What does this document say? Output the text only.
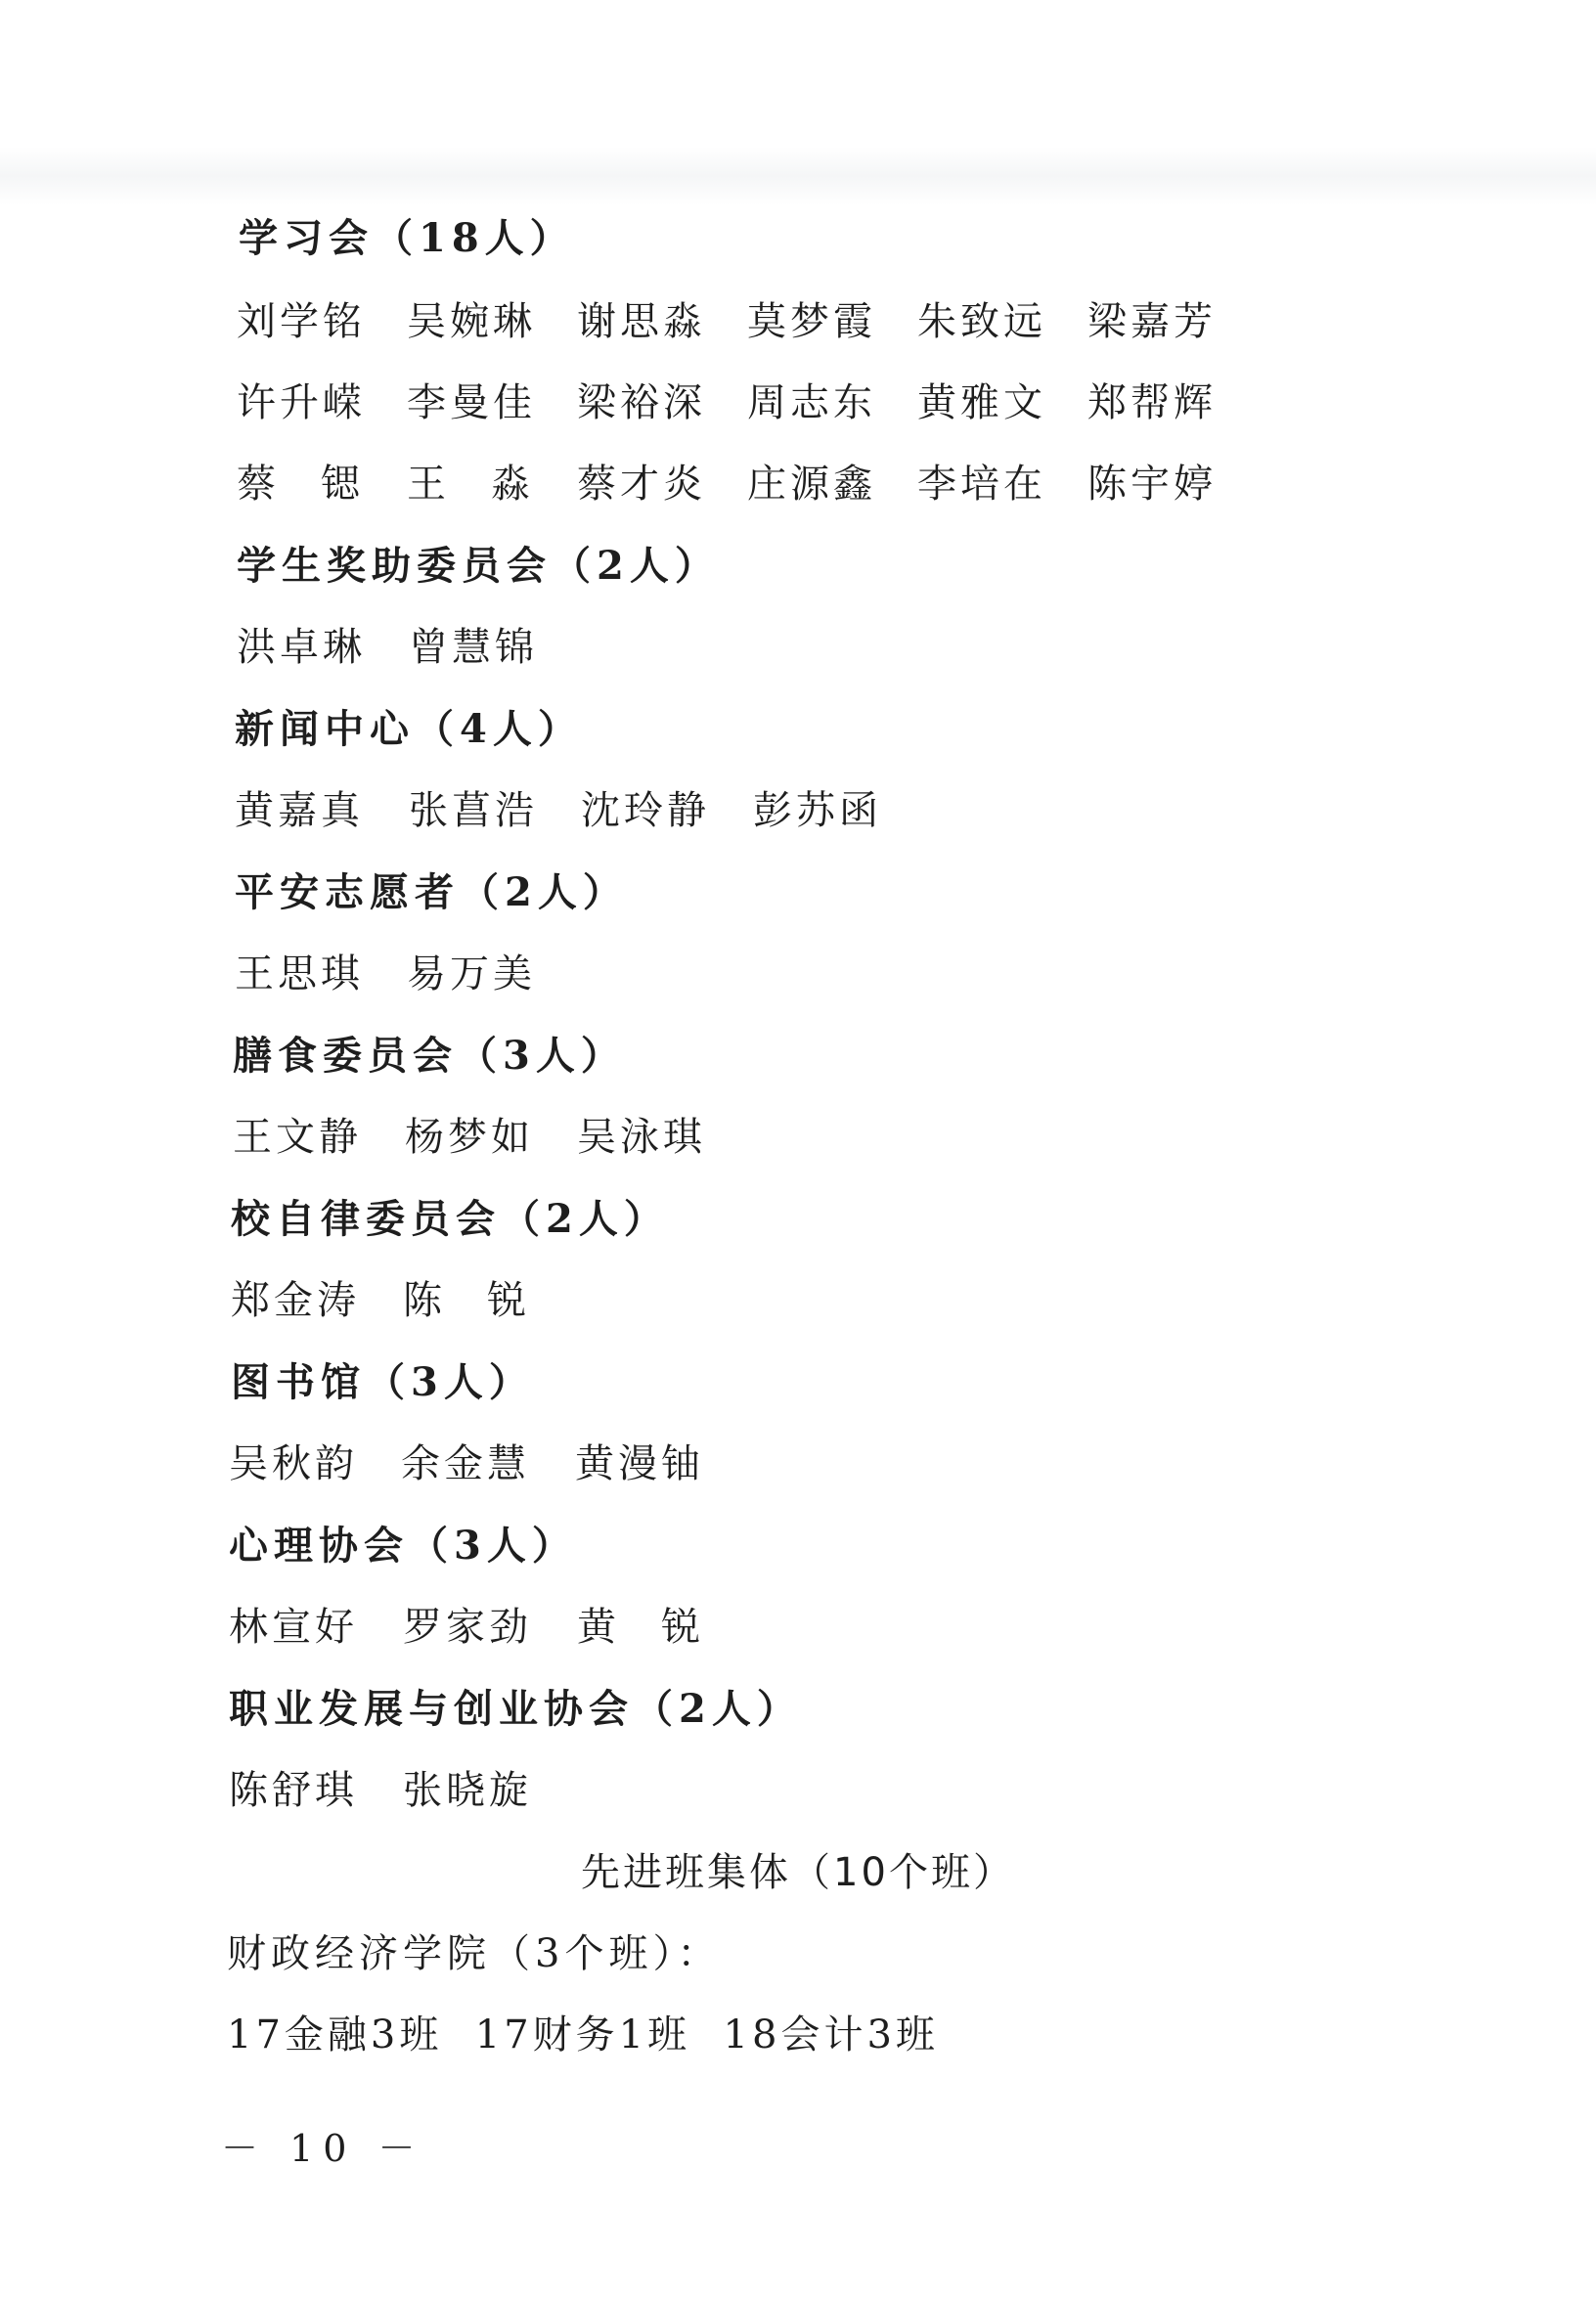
学习会（18人）
刘学铭 吴婉琳 谢思淼 莫梦霞 朱致远 梁嘉芳
许升嵘 李曼佳 梁裕深 周志东 黄雅文 郑帮辉
蔡锶 王淼 蔡才炎 庄源鑫 李培在 陈宇婷
学生奖助委员会（2人）
洪卓琳 曾慧锦
新闻中心（4人）
黄嘉真 张菖浩 沈玲静 彭苏函
平安志愿者（2人）
王思琪 易万美
膳食委员会（3人）
王文静 杨梦如 吴泳琪
校自律委员会（2人）
郑金涛 陈锐
图书馆（3人）
吴秋韵 余金慧 黄漫铀
心理协会（3人）
林宣好 罗家劲 黄锐
职业发展与创业协会（2人）
陈舒琪 张晓旋
先进班集体（10个班）
财政经济学院（3个班）：
17金融3班  17财务1班  18会计3班
－ 10 －
